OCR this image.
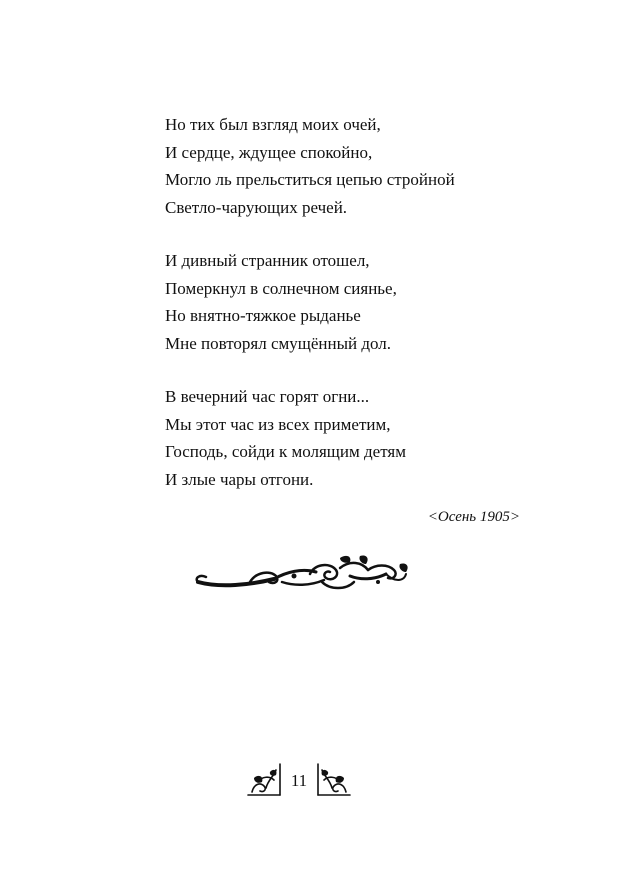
Но тих был взгляд моих очей,
И сердце, ждущее спокойно,
Могло ль прельститься цепью стройной
Светло-чарующих речей.
И дивный странник отошел,
Померкнул в солнечном сиянье,
Но внятно-тяжкое рыданье
Мне повторял смущённый дол.
В вечерний час горят огни...
Мы этот час из всех приметим,
Господь, сойди к молящим детям
И злые чары отгони.
<Осень 1905>
11
